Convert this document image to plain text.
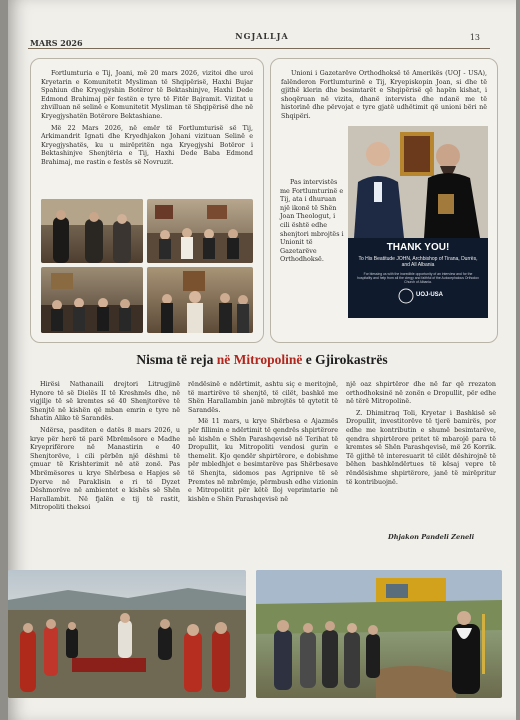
MARS 2026
NGJALLJA	13

Fortlumturia e Tij, Joani, më 20 mars 2026, vizitoi dhe uroi Kryetarin e Komunitetit Mysliman të Shqipërisë, Haxhi Bujar Spahiun dhe Kryegjyshin Botëror të Bektashinjve, Haxhi Dede Edmond Brahimaj për festën e tyre të Fitër Bajramit. Vizitat u zhvilluan në selinë e Komunitetit Mysliman të Shqipërisë dhe në Kryegjyshatën Botërore Bektashiane.

Më 22 Mars 2026, në emër të Fortlumturisë së Tij, Arkimandrit Ignati dhe Kryedhjakon Johani vizituan Selinë e Kryegjyshatës, ku u mirëpritën nga Kryegjyshi Botëror i Bektashinjve Shenjtëria e Tij, Haxhi Dede Baba Edmond Brahimaj, me rastin e festës së Novruzit.

Unioni i Gazetarëve Orthodhoksë të Amerikës (UOJ - USA), falënderon Fortlumturinë e Tij, Kryepiskopin Joan, si dhe të gjithë klerin dhe besimtarët e Shqipërisë që hapën kishat, i shoqëruan në vizita, dhanë intervista dhe ndanë me të historinë dhe përvojat e tyre gjatë udhëtimit që unioni bëri në Shqipëri.

Pas intervistës me Fortlumturinë e Tij, ata i dhuruan një ikonë të Shën Joan Theologut, i cili është edhe shenjtori mbrojtës i Unionit të Gazetarëve Orthodhoksë.

THANK YOU!
To His Beatitude JOHN, Archbishop of Tirana, Durrës, and All Albania
For blessing us with the incredible opportunity of an interview and for the hospitality and help from all the clergy and faithful of the Autocephalous Orthodox Church of Albania.
UOJ-USA
Nisma të reja në Mitropolinë e Gjirokastrës

Hirësi Nathanaili drejtori Litrugjinë Hynore të së Dielës II të Kreshmës dhe, në vigjilje të së kremtes së 40 Shenjtorëve të Shenjtë në kishën që mban emrin e tyre në fshatin Aliko të Sarandës.

Ndërsa, pasditen e datës 8 mars 2026, u krye për herë të parë Mbrëmësore e Madhe Kryeprifërore në Manastirin e 40 Shenjtorëve, i cili përbën një dëshmi të çmuar të Krishterimit në atë zonë. Pas Mbrëmësores u krye Shërbesa e Hapjes së Dyerve në Paraklisin e ri të Dyzet Dëshmorëve në ambientet e kishës së Shën Harallambit. Në fjalën e tij të rastit, Mitropoliti theksoi

rëndësinë e ndërtimit, ashtu siç e meritojnë, të martirëve të shenjtë, të cilët, bashkë me Shën Harallambin janë mbrojtës të qytetit të Sarandës.

Më 11 mars, u kryе Shërbesa e Ajazmës për fillimin e ndërtimit të qendrës shpirtërore në kishën e Shën Parashqevisë në Terihat të Dropullit, ku Mitropoliti vendosi gurin e themelit. Kjo qendër shpirtërore, e dobishme për mbledhjet e besimtarëve pas Shërbesave të Shenjta, sidomos pas Agripnive të së Premtes në mbrëmje, përmbush edhe vizionin e Mitropolitit për këtë lloj veprimtarie në kishën e Shën Parashqevisë në

një oaz shpirtëror dhe në far që rrezaton orthodhoksinë në zonën e Dropullit, për edhe në tërë Mitropolinë.

Z. Dhimitraq Toli, Kryetar i Bashkisë së Dropullit, investitorëve të tjerë bamirës, por edhe me kontributin e shumë besimtarëve, qendra shpirtërore pritet të mbarojë para të kremtes së Shën Parashqevisë, më 26 Korrik. Të gjithë të interesuarit të cilët dëshirojnë të bëhen bashkëndërtues të kësaj vepre të rëndësishme shpirtërore, janë të mirëpritur të kontribuojnë.

Dhjakon Pandeli Zeneli
